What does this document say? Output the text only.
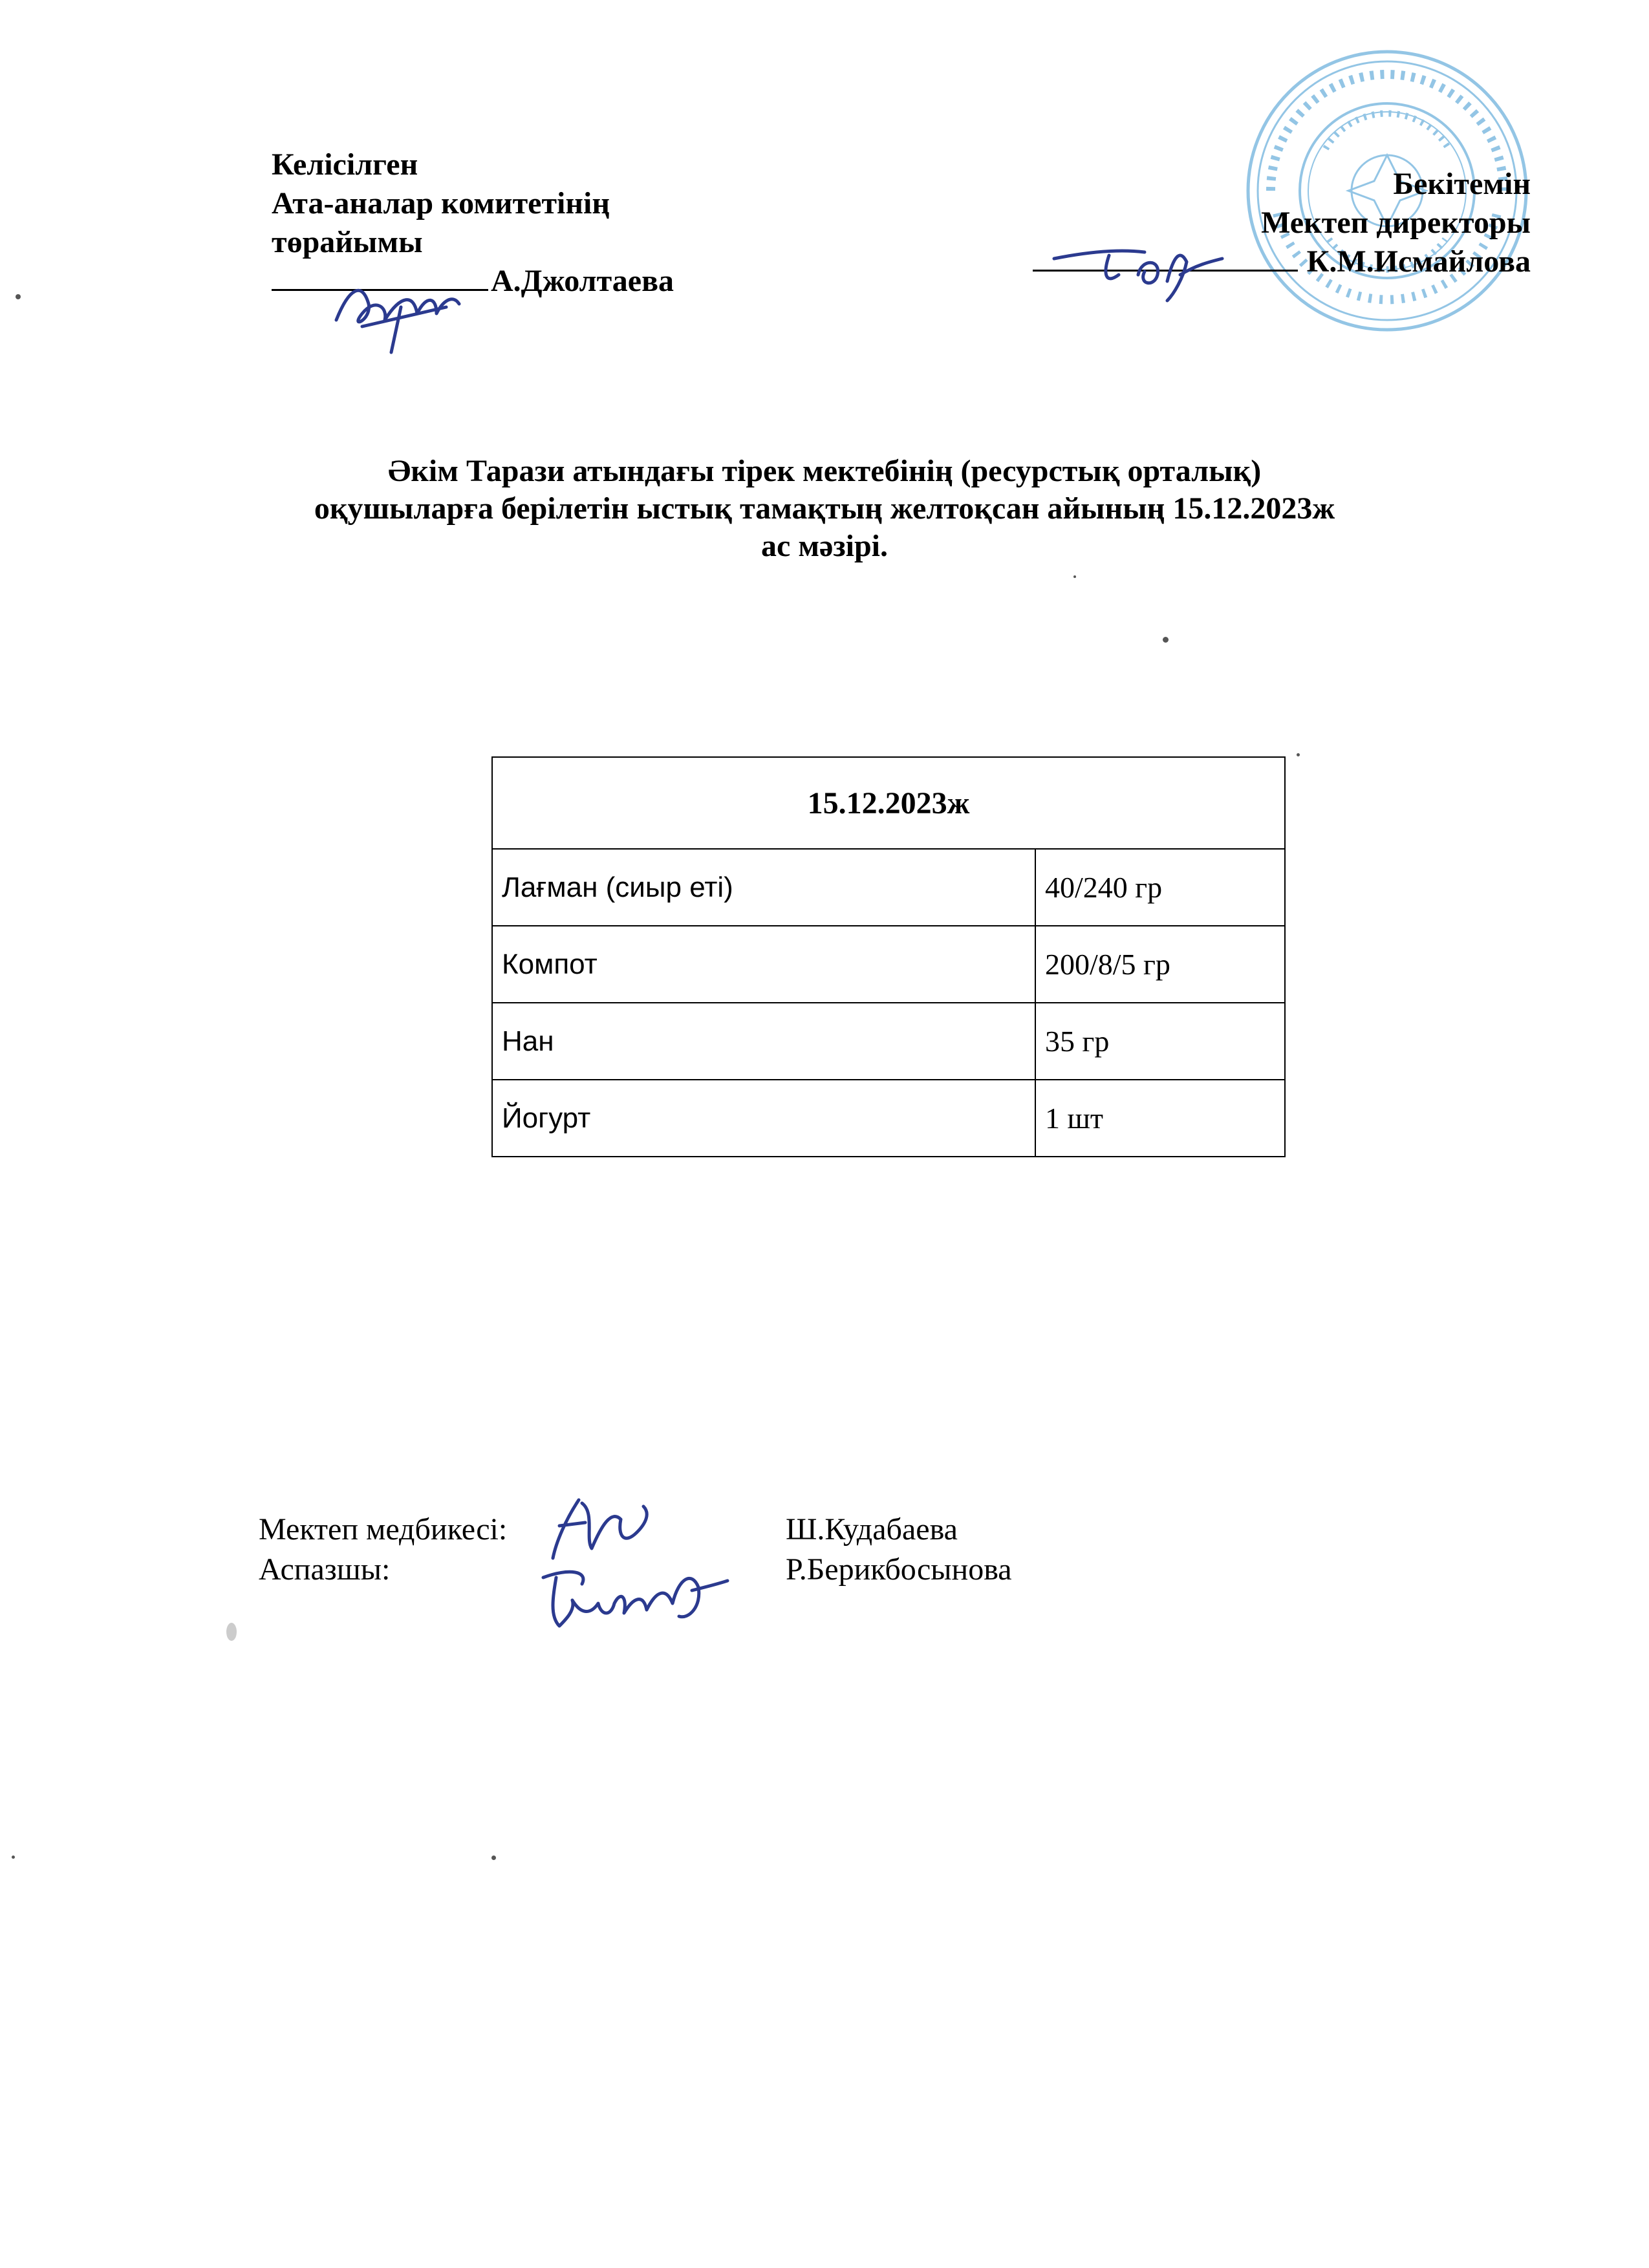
Келісілген
Ата-аналар комитетінің
төрайымы
А.Джолтаева
Бекітемін
Мектеп директоры
К.М.Исмайлова
Әкім Тарази атындағы тірек мектебінің (ресурстық орталық)
оқушыларға берілетін ыстық тамақтың желтоқсан айының 15.12.2023ж
ас мәзірі.
15.12.2023ж	
Лағман (сиыр еті)	40/240 гр
Компот	200/8/5 гр
Нан	35 гр
Йогурт	1 шт
Мектеп медбикесі:
Аспазшы:
Ш.Кудабаева
Р.Берикбосынова
